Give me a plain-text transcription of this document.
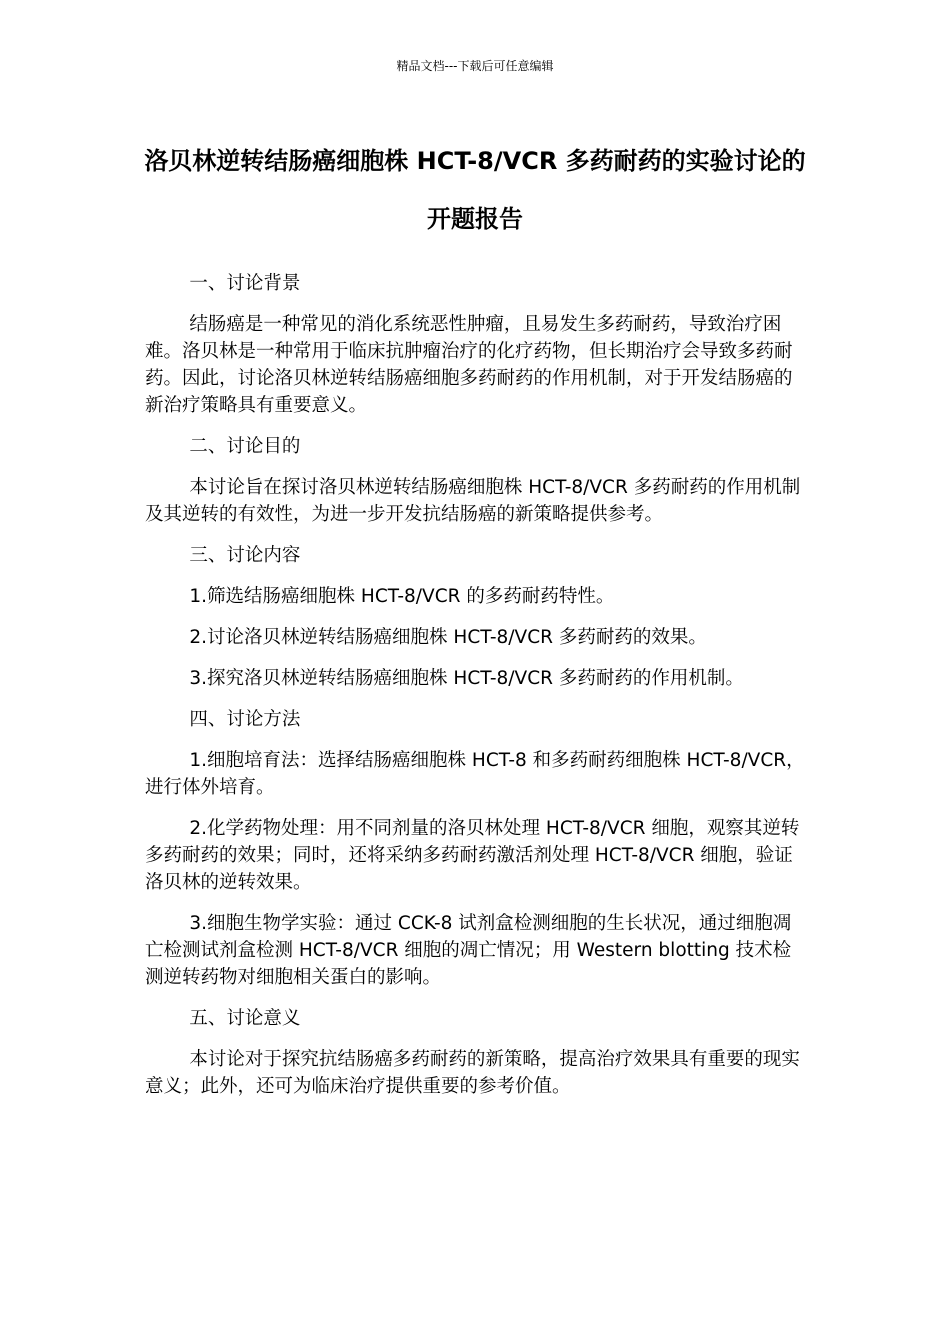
精品文档---下载后可任意编辑
洛贝林逆转结肠癌细胞株 HCT-8/VCR 多药耐药的实验讨论的开题报告

一、讨论背景

结肠癌是一种常见的消化系统恶性肿瘤，且易发生多药耐药，导致治疗困难。洛贝林是一种常用于临床抗肿瘤治疗的化疗药物，但长期治疗会导致多药耐药。因此，讨论洛贝林逆转结肠癌细胞多药耐药的作用机制，对于开发结肠癌的新治疗策略具有重要意义。

二、讨论目的

本讨论旨在探讨洛贝林逆转结肠癌细胞株 HCT-8/VCR 多药耐药的作用机制及其逆转的有效性，为进一步开发抗结肠癌的新策略提供参考。

三、讨论内容

1.筛选结肠癌细胞株 HCT-8/VCR 的多药耐药特性。

2.讨论洛贝林逆转结肠癌细胞株 HCT-8/VCR 多药耐药的效果。

3.探究洛贝林逆转结肠癌细胞株 HCT-8/VCR 多药耐药的作用机制。

四、讨论方法

1.细胞培育法：选择结肠癌细胞株 HCT-8 和多药耐药细胞株 HCT-8/VCR，进行体外培育。

2.化学药物处理：用不同剂量的洛贝林处理 HCT-8/VCR 细胞，观察其逆转多药耐药的效果；同时，还将采纳多药耐药激活剂处理 HCT-8/VCR 细胞，验证洛贝林的逆转效果。

3.细胞生物学实验：通过 CCK-8 试剂盒检测细胞的生长状况，通过细胞凋亡检测试剂盒检测 HCT-8/VCR 细胞的凋亡情况；用 Western blotting 技术检测逆转药物对细胞相关蛋白的影响。

五、讨论意义

本讨论对于探究抗结肠癌多药耐药的新策略，提高治疗效果具有重要的现实意义；此外，还可为临床治疗提供重要的参考价值。
